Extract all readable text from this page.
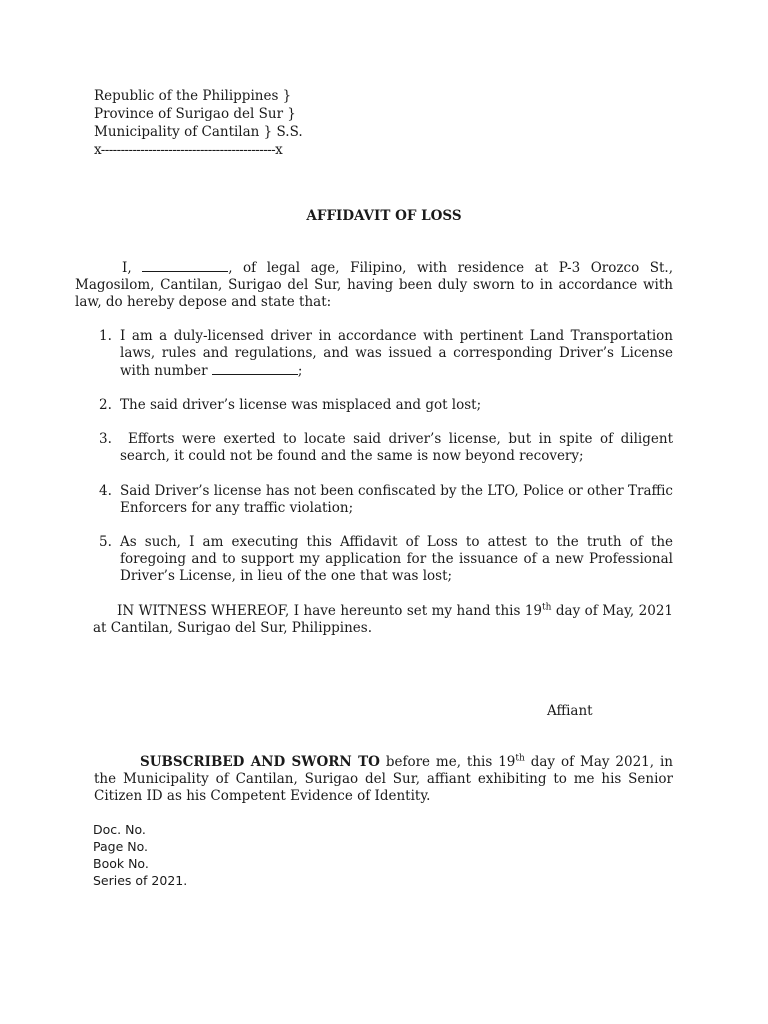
Republic of the Philippines }
Province of Surigao del Sur }
Municipality of Cantilan } S.S.
x--------------------------------------------x
AFFIDAVIT OF LOSS
I,	, of legal age, Filipino, with residence at P-3 Orozco St., Magosilom, Cantilan, Surigao del Sur, having been duly sworn to in accordance with law, do hereby depose and state that:
1. I am a duly-licensed driver in accordance with pertinent Land Transportation laws, rules and regulations, and was issued a corresponding Driver’s License with number	;
2. The said driver’s license was misplaced and got lost;
3.	Efforts were exerted to locate said driver’s license, but in spite of diligent search, it could not be found and the same is now beyond recovery;
4. Said Driver’s license has not been confiscated by the LTO, Police or other Traffic Enforcers for any traffic violation;
5. As such, I am executing this Affidavit of Loss to attest to the truth of the foregoing and to support my application for the issuance of a new Professional Driver’s License, in lieu of the one that was lost;
IN WITNESS WHEREOF, I have hereunto set my hand this 19th day of May, 2021 at Cantilan, Surigao del Sur, Philippines.
Affiant
SUBSCRIBED AND SWORN TO before me, this 19th day of May 2021, in the Municipality of Cantilan, Surigao del Sur, affiant exhibiting to me his Senior Citizen ID as his Competent Evidence of Identity.
Doc. No.
Page No.
Book No.
Series of 2021.
